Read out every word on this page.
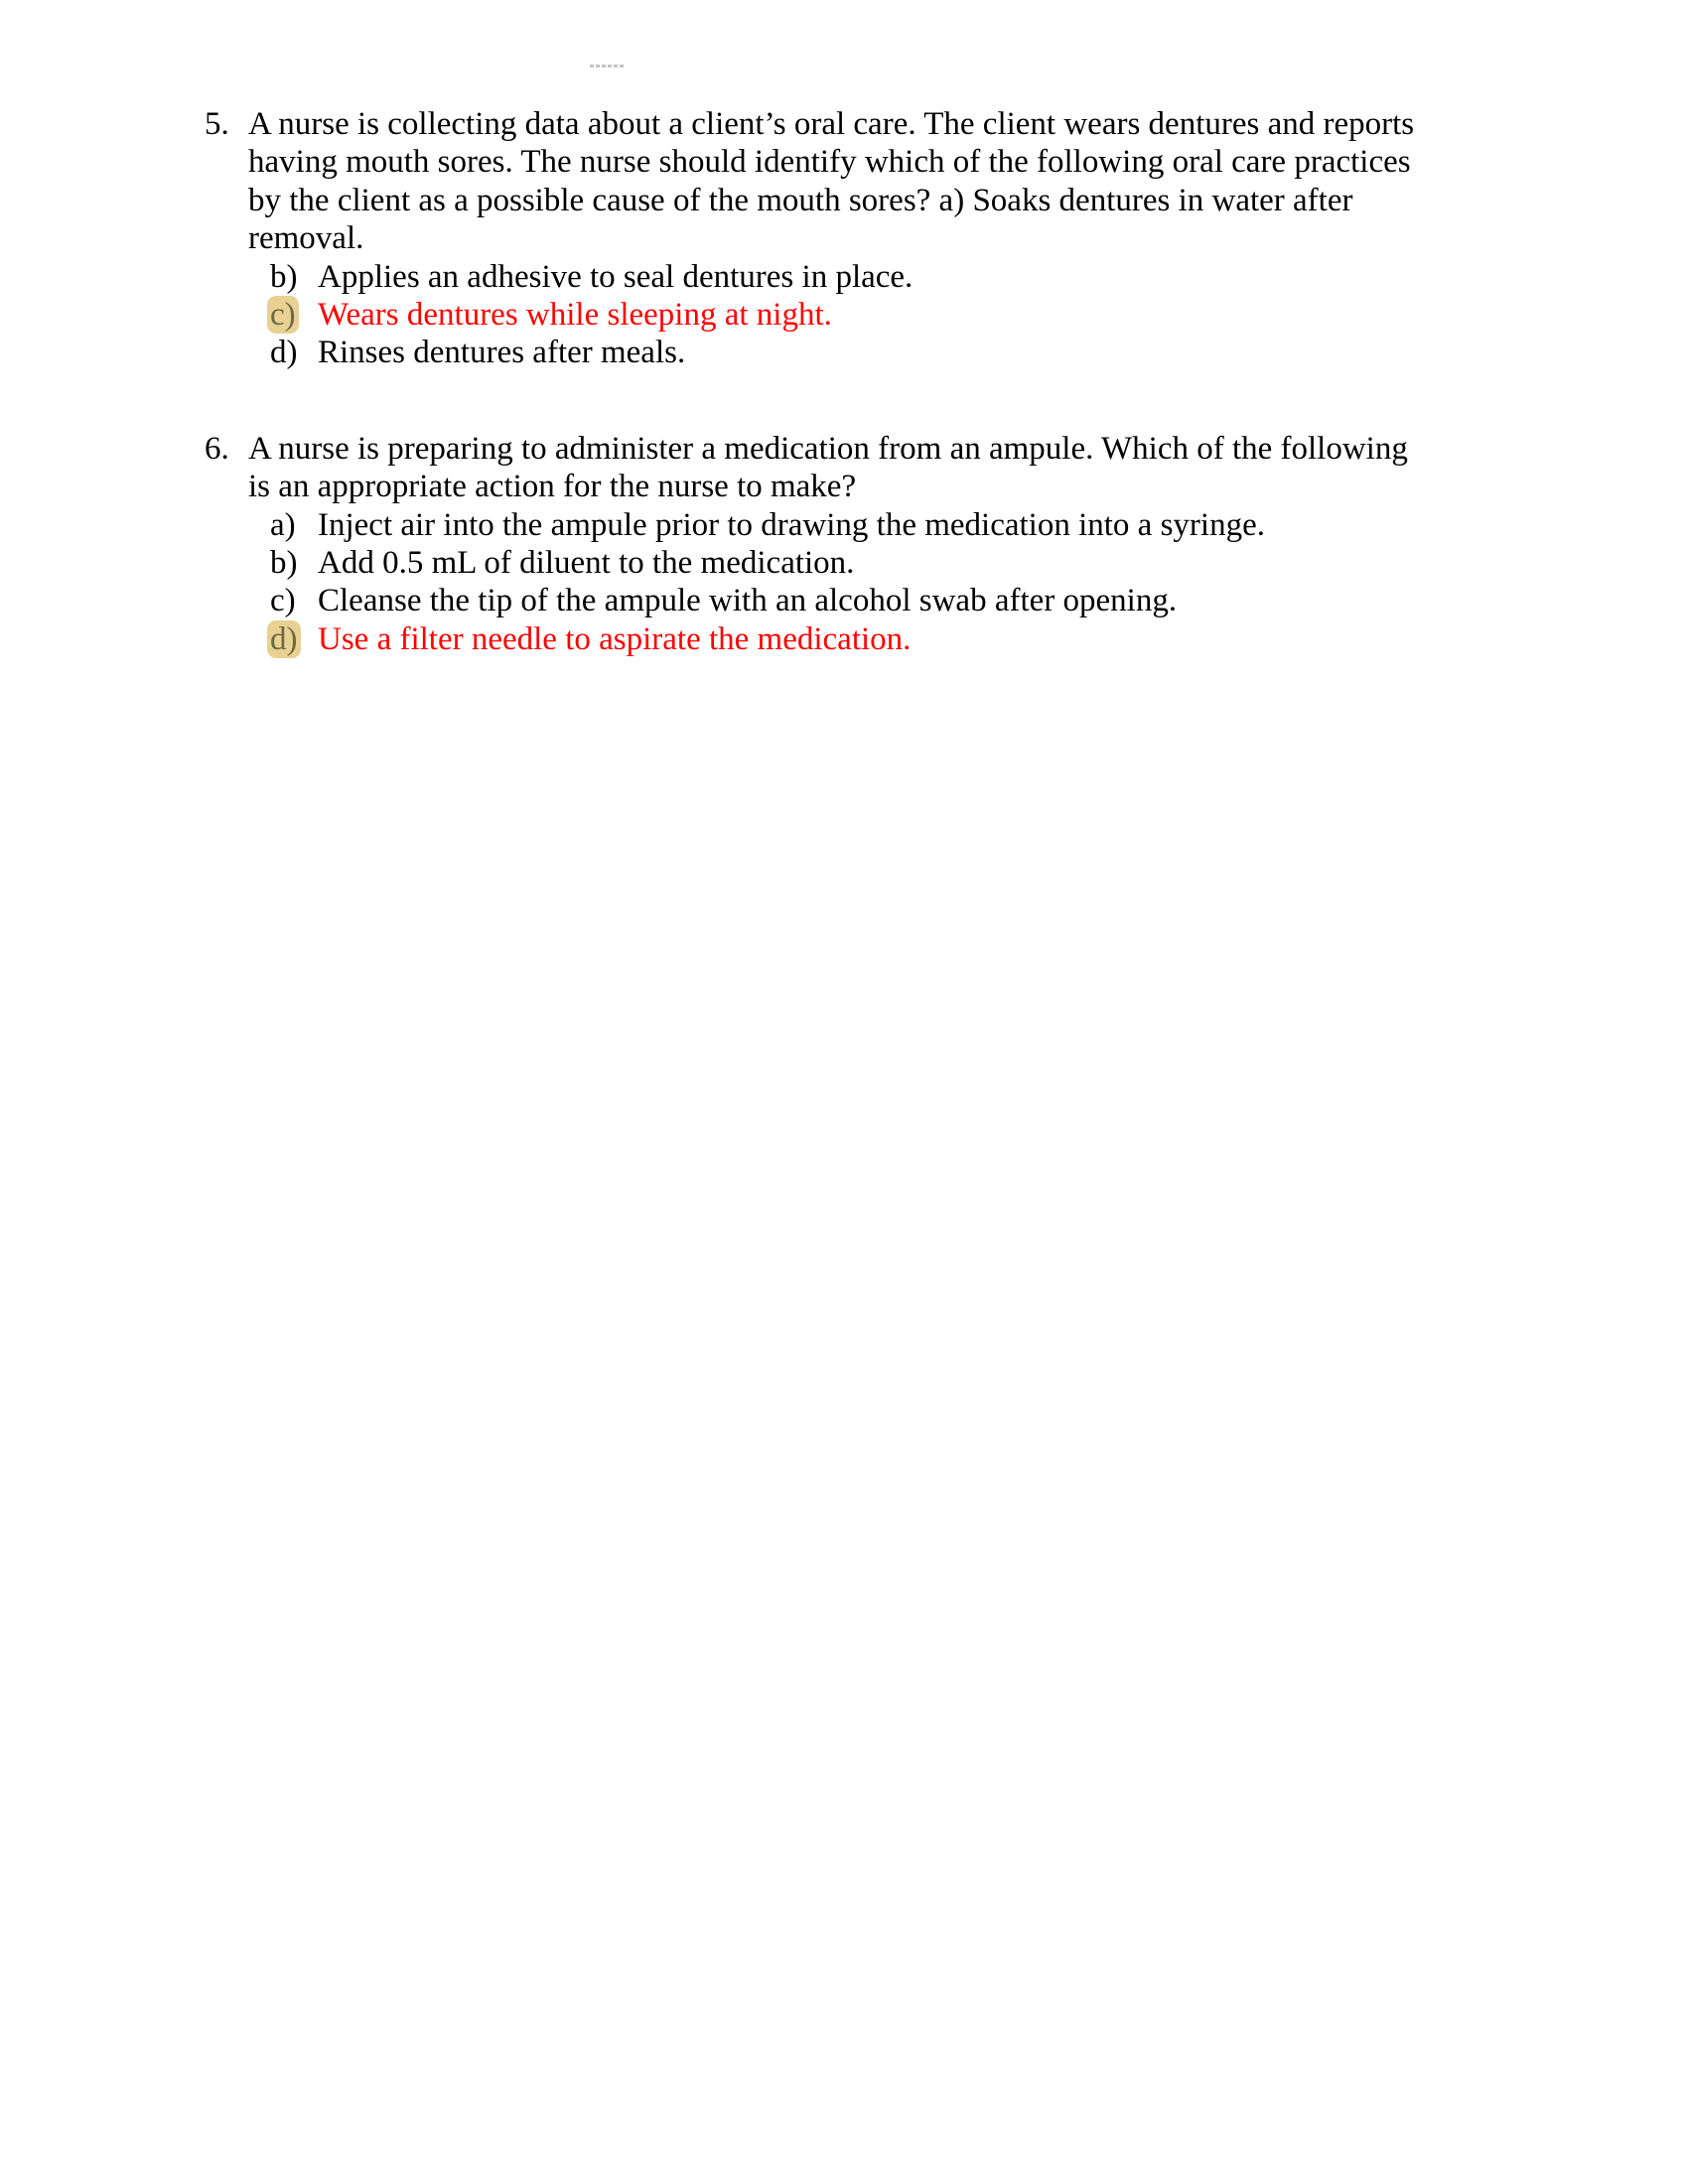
5. A nurse is collecting data about a client’s oral care. The client wears dentures and reports
having mouth sores. The nurse should identify which of the following oral care practices
by the client as a possible cause of the mouth sores? a) Soaks dentures in water after
removal.
b) Applies an adhesive to seal dentures in place.
c) Wears dentures while sleeping at night.
d) Rinses dentures after meals.
6. A nurse is preparing to administer a medication from an ampule. Which of the following
is an appropriate action for the nurse to make?
a) Inject air into the ampule prior to drawing the medication into a syringe.
b) Add 0.5 mL of diluent to the medication.
c) Cleanse the tip of the ampule with an alcohol swab after opening.
d) Use a filter needle to aspirate the medication.
